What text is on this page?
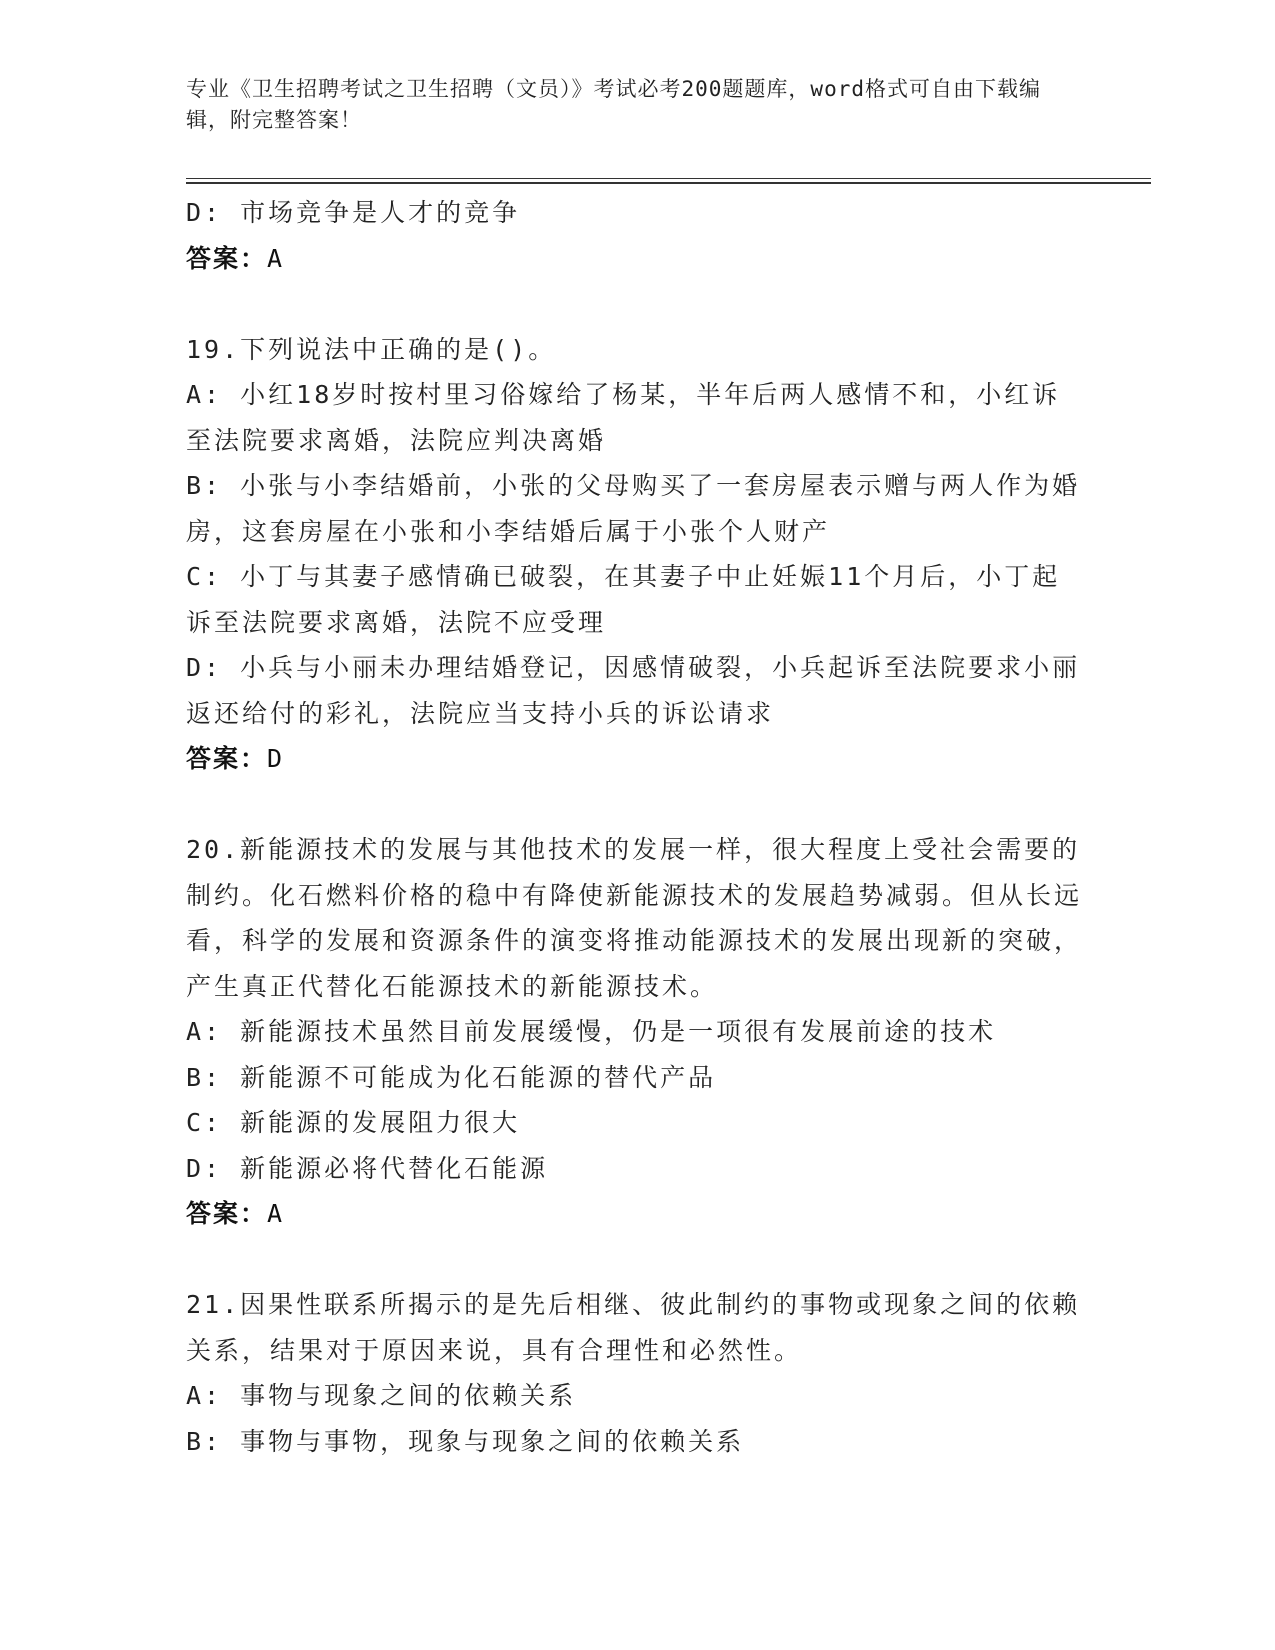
专业《卫生招聘考试之卫生招聘（文员）》考试必考200题题库，word格式可自由下载编辑，附完整答案！
D: 市场竞争是人才的竞争
答案：A
19.下列说法中正确的是()。
A: 小红18岁时按村里习俗嫁给了杨某，半年后两人感情不和，小红诉至法院要求离婚，法院应判决离婚
B: 小张与小李结婚前，小张的父母购买了一套房屋表示赠与两人作为婚房，这套房屋在小张和小李结婚后属于小张个人财产
C: 小丁与其妻子感情确已破裂，在其妻子中止妊娠11个月后，小丁起诉至法院要求离婚，法院不应受理
D: 小兵与小丽未办理结婚登记，因感情破裂，小兵起诉至法院要求小丽返还给付的彩礼，法院应当支持小兵的诉讼请求
答案：D
20.新能源技术的发展与其他技术的发展一样，很大程度上受社会需要的制约。化石燃料价格的稳中有降使新能源技术的发展趋势减弱。但从长远看，科学的发展和资源条件的演变将推动能源技术的发展出现新的突破，产生真正代替化石能源技术的新能源技术。
A: 新能源技术虽然目前发展缓慢，仍是一项很有发展前途的技术
B: 新能源不可能成为化石能源的替代产品
C: 新能源的发展阻力很大
D: 新能源必将代替化石能源
答案：A
21.因果性联系所揭示的是先后相继、彼此制约的事物或现象之间的依赖关系，结果对于原因来说，具有合理性和必然性。
A: 事物与现象之间的依赖关系
B: 事物与事物，现象与现象之间的依赖关系
